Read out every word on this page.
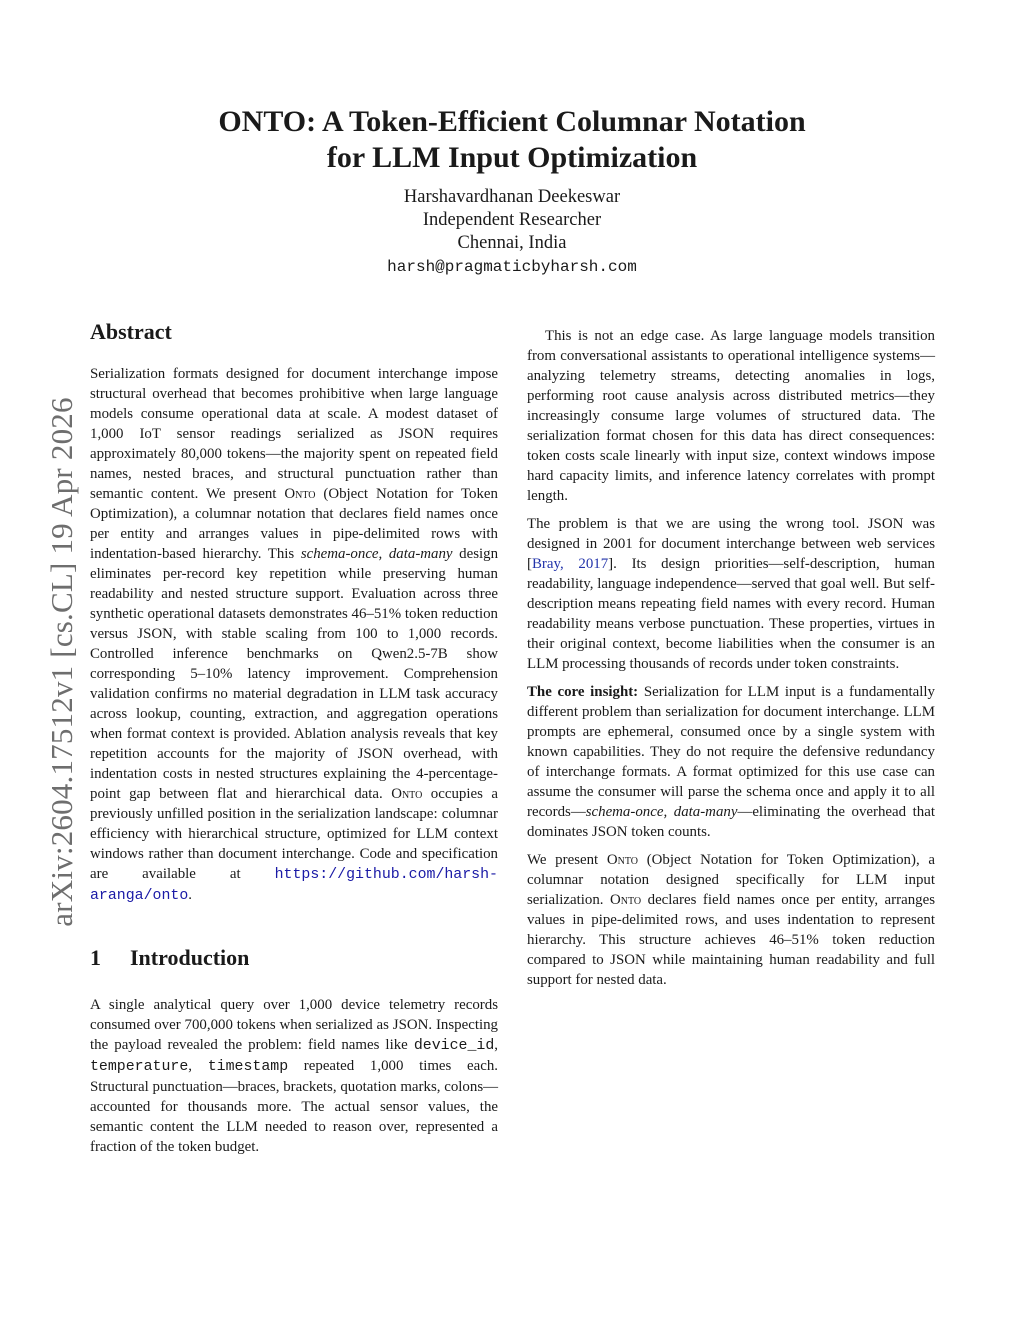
arXiv:2604.17512v1 [cs.CL] 19 Apr 2026
ONTO: A Token-Efficient Columnar Notation
for LLM Input Optimization
Harshavardhanan Deekeswar
Independent Researcher
Chennai, India
harsh@pragmaticbyharsh.com
Abstract

Serialization formats designed for document interchange impose structural overhead that becomes prohibitive when large language models consume operational data at scale. A modest dataset of 1,000 IoT sensor readings serialized as JSON requires approximately 80,000 tokens—the majority spent on repeated field names, nested braces, and structural punctuation rather than semantic content. We present Onto (Object Notation for Token Optimization), a columnar notation that declares field names once per entity and arranges values in pipe-delimited rows with indentation-based hierarchy. This schema-once, data-many design eliminates per-record key repetition while preserving human readability and nested structure support. Evaluation across three synthetic operational datasets demonstrates 46–51% token reduction versus JSON, with stable scaling from 100 to 1,000 records. Controlled inference benchmarks on Qwen2.5-7B show corresponding 5–10% latency improvement. Comprehension validation confirms no material degradation in LLM task accuracy across lookup, counting, extraction, and aggregation operations when format context is provided. Ablation analysis reveals that key repetition accounts for the majority of JSON overhead, with indentation costs in nested structures explaining the 4-percentage-point gap between flat and hierarchical data. Onto occupies a previously unfilled position in the serialization landscape: columnar efficiency with hierarchical structure, optimized for LLM context windows rather than document interchange. Code and specification are available at https://github.com/harsh-aranga/onto.

1 Introduction

A single analytical query over 1,000 device telemetry records consumed over 700,000 tokens when serialized as JSON. Inspecting the payload revealed the problem: field names like device_id, temperature, timestamp repeated 1,000 times each. Structural punctuation—braces, brackets, quotation marks, colons—accounted for thousands more. The actual sensor values, the semantic content the LLM needed to reason over, represented a fraction of the token budget.

This is not an edge case. As large language models transition from conversational assistants to operational intelligence systems—analyzing telemetry streams, detecting anomalies in logs, performing root cause analysis across distributed metrics—they increasingly consume large volumes of structured data. The serialization format chosen for this data has direct consequences: token costs scale linearly with input size, context windows impose hard capacity limits, and inference latency correlates with prompt length.

The problem is that we are using the wrong tool. JSON was designed in 2001 for document interchange between web services [Bray, 2017]. Its design priorities—self-description, human readability, language independence—served that goal well. But self-description means repeating field names with every record. Human readability means verbose punctuation. These properties, virtues in their original context, become liabilities when the consumer is an LLM processing thousands of records under token constraints.

The core insight: Serialization for LLM input is a fundamentally different problem than serialization for document interchange. LLM prompts are ephemeral, consumed once by a single system with known capabilities. They do not require the defensive redundancy of interchange formats. A format optimized for this use case can assume the consumer will parse the schema once and apply it to all records—schema-once, data-many—eliminating the overhead that dominates JSON token counts.

We present Onto (Object Notation for Token Optimization), a columnar notation designed specifically for LLM input serialization. Onto declares field names once per entity, arranges values in pipe-delimited rows, and uses indentation to represent hierarchy. This structure achieves 46–51% token reduction compared to JSON while maintaining human readability and full support for nested data.
